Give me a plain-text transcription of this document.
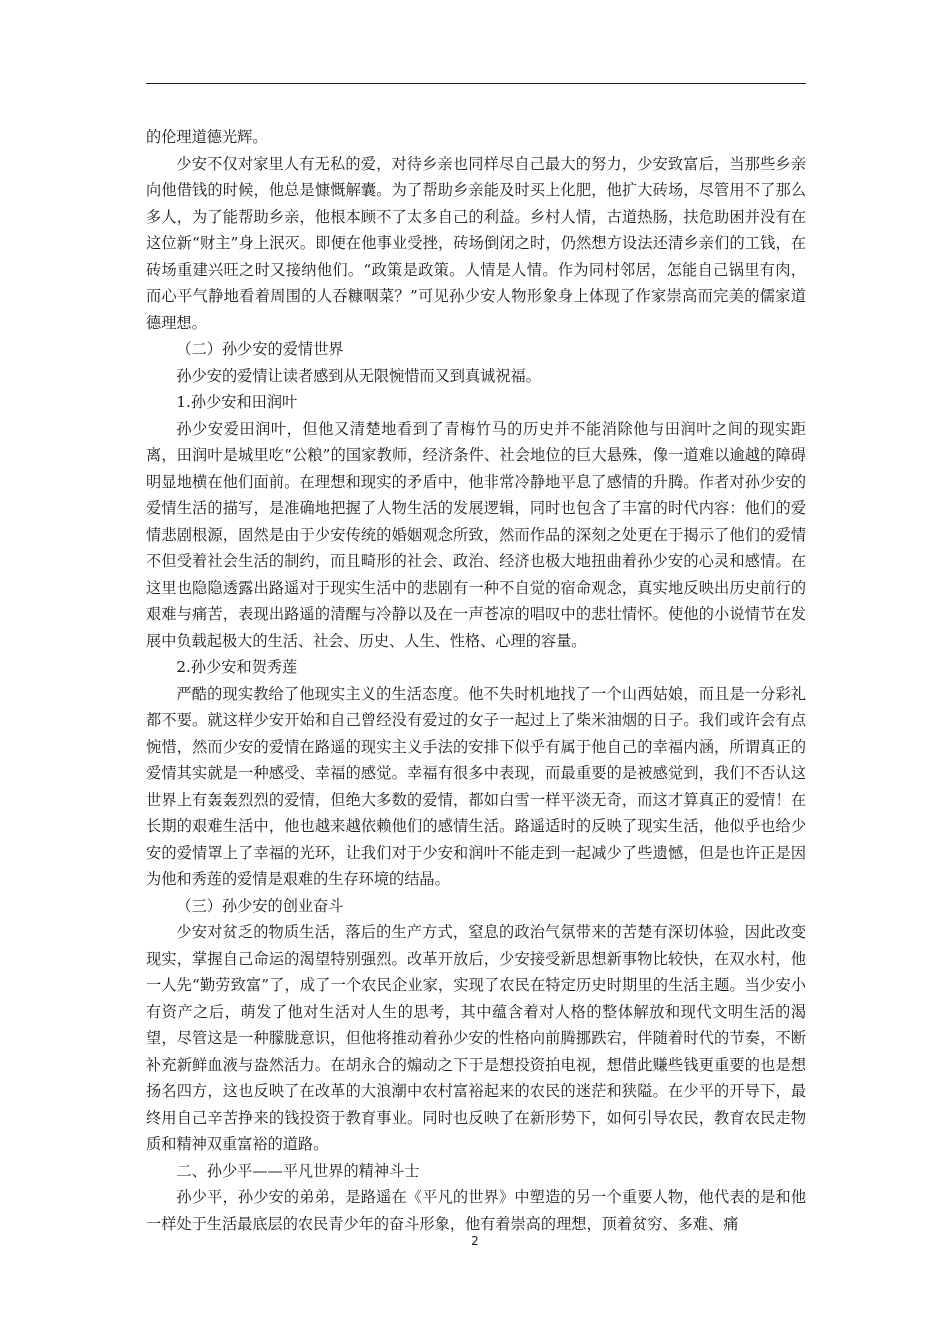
的伦理道德光辉。

少安不仅对家里人有无私的爱，对待乡亲也同样尽自己最大的努力，少安致富后，当那些乡亲向他借钱的时候，他总是慷慨解囊。为了帮助乡亲能及时买上化肥，他扩大砖场，尽管用不了那么多人，为了能帮助乡亲，他根本顾不了太多自己的利益。乡村人情，古道热肠，扶危助困并没有在这位新“财主”身上泯灭。即便在他事业受挫，砖场倒闭之时，仍然想方设法还清乡亲们的工钱，在砖场重建兴旺之时又接纳他们。“政策是政策。人情是人情。作为同村邻居，怎能自己锅里有肉，而心平气静地看着周围的人吞糠咽菜？”可见孙少安人物形象身上体现了作家崇高而完美的儒家道德理想。

（二）孙少安的爱情世界

孙少安的爱情让读者感到从无限惋惜而又到真诚祝福。

1.孙少安和田润叶

孙少安爱田润叶，但他又清楚地看到了青梅竹马的历史并不能消除他与田润叶之间的现实距离，田润叶是城里吃“公粮”的国家教师，经济条件、社会地位的巨大悬殊，像一道难以逾越的障碍明显地横在他们面前。在理想和现实的矛盾中，他非常冷静地平息了感情的升腾。作者对孙少安的爱情生活的描写，是准确地把握了人物生活的发展逻辑，同时也包含了丰富的时代内容：他们的爱情悲剧根源，固然是由于少安传统的婚姻观念所致，然而作品的深刻之处更在于揭示了他们的爱情不但受着社会生活的制约，而且畸形的社会、政治、经济也极大地扭曲着孙少安的心灵和感情。在这里也隐隐透露出路遥对于现实生活中的悲剧有一种不自觉的宿命观念，真实地反映出历史前行的艰难与痛苦，表现出路遥的清醒与冷静以及在一声苍凉的唱叹中的悲壮情怀。使他的小说情节在发展中负载起极大的生活、社会、历史、人生、性格、心理的容量。

2.孙少安和贺秀莲

严酷的现实教给了他现实主义的生活态度。他不失时机地找了一个山西姑娘，而且是一分彩礼都不要。就这样少安开始和自己曾经没有爱过的女子一起过上了柴米油烟的日子。我们或许会有点惋惜，然而少安的爱情在路遥的现实主义手法的安排下似乎有属于他自己的幸福内涵，所谓真正的爱情其实就是一种感受、幸福的感觉。幸福有很多中表现，而最重要的是被感觉到，我们不否认这世界上有轰轰烈烈的爱情，但绝大多数的爱情，都如白雪一样平淡无奇，而这才算真正的爱情！在长期的艰难生活中，他也越来越依赖他们的感情生活。路遥适时的反映了现实生活，他似乎也给少安的爱情罩上了幸福的光环，让我们对于少安和润叶不能走到一起减少了些遗憾，但是也许正是因为他和秀莲的爱情是艰难的生存环境的结晶。

（三）孙少安的创业奋斗

少安对贫乏的物质生活，落后的生产方式，窒息的政治气氛带来的苦楚有深切体验，因此改变现实，掌握自己命运的渴望特别强烈。改革开放后，少安接受新思想新事物比较快，在双水村，他一人先“勤劳致富”了，成了一个农民企业家，实现了农民在特定历史时期里的生活主题。当少安小有资产之后，萌发了他对生活对人生的思考，其中蕴含着对人格的整体解放和现代文明生活的渴望，尽管这是一种朦胧意识，但他将推动着孙少安的性格向前腾挪跌宕，伴随着时代的节奏，不断补充新鲜血液与盎然活力。在胡永合的煽动之下于是想投资拍电视，想借此赚些钱更重要的也是想扬名四方，这也反映了在改革的大浪潮中农村富裕起来的农民的迷茫和狭隘。在少平的开导下，最终用自己辛苦挣来的钱投资于教育事业。同时也反映了在新形势下，如何引导农民，教育农民走物质和精神双重富裕的道路。

二、孙少平——平凡世界的精神斗士

孙少平，孙少安的弟弟，是路遥在《平凡的世界》中塑造的另一个重要人物，他代表的是和他一样处于生活最底层的农民青少年的奋斗形象，他有着崇高的理想，顶着贫穷、多难、痛

2
